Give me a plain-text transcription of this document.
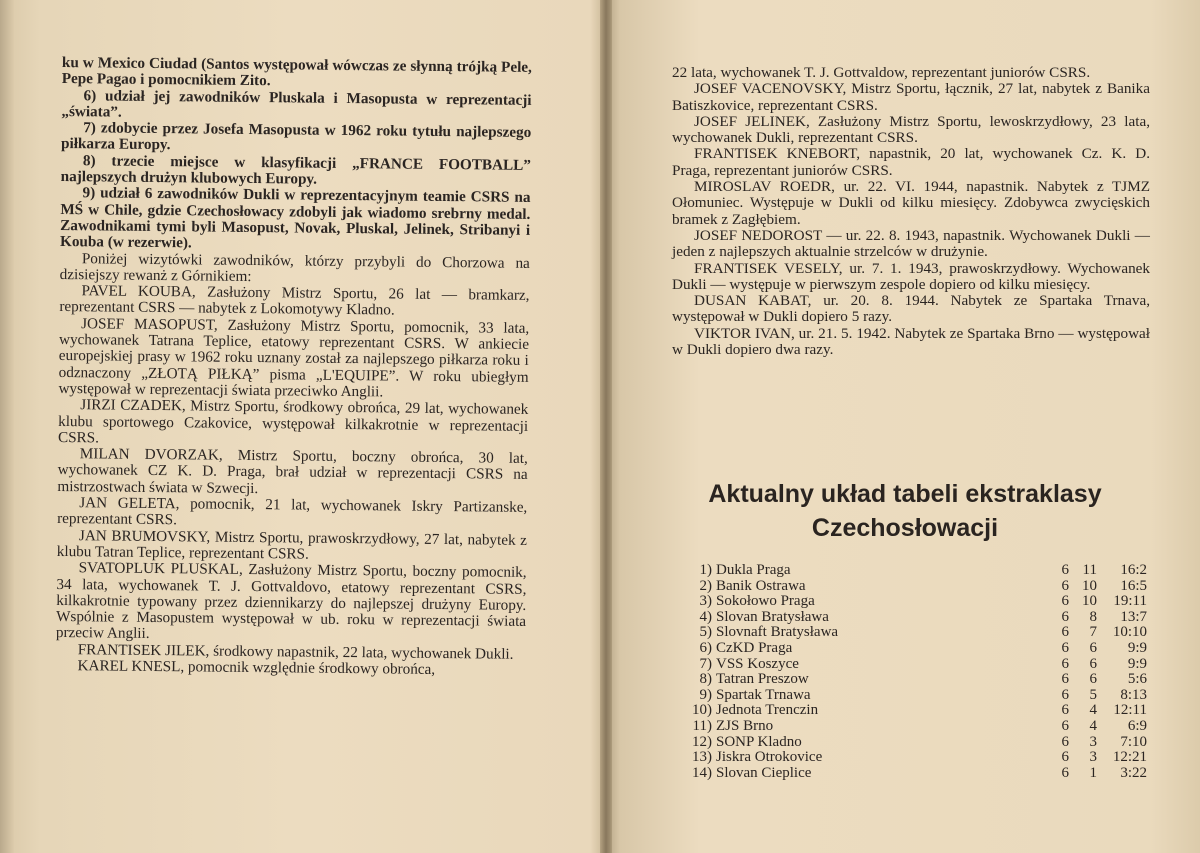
ku w Mexico Ciudad (Santos występował wówczas ze słynną trójką Pele, Pepe Pagao i pomocnikiem Zito.

6) udział jej zawodników Pluskala i Masopusta w reprezentacji „świata”.

7) zdobycie przez Josefa Masopusta w 1962 roku tytułu najlepszego piłkarza Europy.

8) trzecie miejsce w klasyfikacji „FRANCE FOOTBALL” najlepszych drużyn klubowych Europy.

9) udział 6 zawodników Dukli w reprezentacyjnym teamie CSRS na MŚ w Chile, gdzie Czechosłowacy zdobyli jak wiadomo srebrny medal. Zawodnikami tymi byli Masopust, Novak, Pluskal, Jelinek, Stribanyi i Kouba (w rezerwie).

Poniżej wizytówki zawodników, którzy przybyli do Chorzowa na dzisiejszy rewanż z Górnikiem:

PAVEL KOUBA, Zasłużony Mistrz Sportu, 26 lat — bramkarz, reprezentant CSRS — nabytek z Lokomotywy Kladno.

JOSEF MASOPUST, Zasłużony Mistrz Sportu, pomocnik, 33 lata, wychowanek Tatrana Teplice, etatowy reprezentant CSRS. W ankiecie europejskiej prasy w 1962 roku uznany został za najlepszego piłkarza roku i odznaczony „ZŁOTĄ PIŁKĄ” pisma „L'EQUIPE”. W roku ubiegłym występował w reprezentacji świata przeciwko Anglii.

JIRZI CZADEK, Mistrz Sportu, środkowy obrońca, 29 lat, wychowanek klubu sportowego Czakovice, występował kilkakrotnie w reprezentacji CSRS.

MILAN DVORZAK, Mistrz Sportu, boczny obrońca, 30 lat, wychowanek CZ K. D. Praga, brał udział w reprezentacji CSRS na mistrzostwach świata w Szwecji.

JAN GELETA, pomocnik, 21 lat, wychowanek Iskry Partizanske, reprezentant CSRS.

JAN BRUMOVSKY, Mistrz Sportu, prawoskrzydłowy, 27 lat, nabytek z klubu Tatran Teplice, reprezentant CSRS.

SVATOPLUK PLUSKAL, Zasłużony Mistrz Sportu, boczny pomocnik, 34 lata, wychowanek T. J. Gottvaldovo, etatowy reprezentant CSRS, kilkakrotnie typowany przez dziennikarzy do najlepszej drużyny Europy. Wspólnie z Masopustem występował w ub. roku w reprezentacji świata przeciw Anglii.

FRANTISEK JILEK, środkowy napastnik, 22 lata, wychowanek Dukli.

KAREL KNESL, pomocnik względnie środkowy obrońca,

22 lata, wychowanek T. J. Gottvaldow, reprezentant juniorów CSRS.

JOSEF VACENOVSKY, Mistrz Sportu, łącznik, 27 lat, nabytek z Banika Batiszkovice, reprezentant CSRS.

JOSEF JELINEK, Zasłużony Mistrz Sportu, lewoskrzydłowy, 23 lata, wychowanek Dukli, reprezentant CSRS.

FRANTISEK KNEBORT, napastnik, 20 lat, wychowanek Cz. K. D. Praga, reprezentant juniorów CSRS.

MIROSLAV ROEDR, ur. 22. VI. 1944, napastnik. Nabytek z TJMZ Ołomuniec. Występuje w Dukli od kilku miesięcy. Zdobywca zwycięskich bramek z Zagłębiem.

JOSEF NEDOROST — ur. 22. 8. 1943, napastnik. Wychowanek Dukli — jeden z najlepszych aktualnie strzelców w drużynie.

FRANTISEK VESELY, ur. 7. 1. 1943, prawoskrzydłowy. Wychowanek Dukli — występuje w pierwszym zespole dopiero od kilku miesięcy.

DUSAN KABAT, ur. 20. 8. 1944. Nabytek ze Spartaka Trnava, występował w Dukli dopiero 5 razy.

VIKTOR IVAN, ur. 21. 5. 1942. Nabytek ze Spartaka Brno — występował w Dukli dopiero dwa razy.

Aktualny układ tabeli ekstraklasy
Czechosłowacji
1) Dukla Praga	6 11	16:2
2) Banik Ostrawa	6 10	16:5
3) Sokołowo Praga	6 10	19:11
4) Slovan Bratysława	6	8	13:7
5) Slovnaft Bratysława	6	7	10:10
6) CzKD Praga	6	6	9:9
7) VSS Koszyce	6	6	9:9
8) Tatran Preszow	6	6	5:6
9) Spartak Trnawa	6	5	8:13
10) Jednota Trenczin	6	4	12:11
11) ZJS Brno	6	4	6:9
12) SONP Kladno	6	3	7:10
13) Jiskra Otrokovice	6	3	12:21
14) Slovan Cieplice	6	1	3:22
